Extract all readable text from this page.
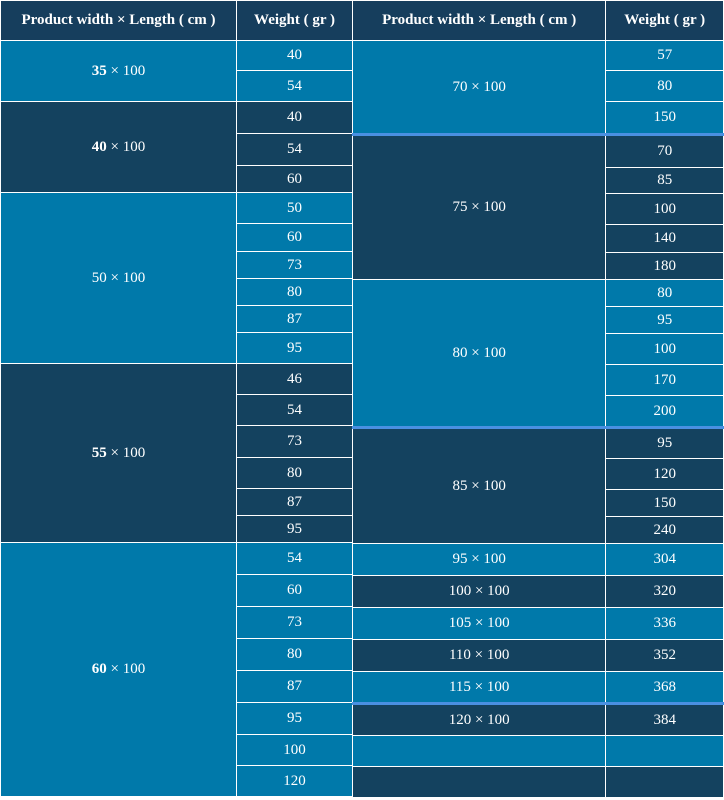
Product width × Length ( cm )	Weight ( gr )
35 × 100	40
	54
40 × 100	40
	54
	60
50 × 100	50
	60
	73
	80
	87
	95
55 × 100	46
	54
	73
	80
	87
	95
60 × 100	54
	60
	73
	80
	87
	95
	100
	120
Product width × Length ( cm )	Weight ( gr )
70 × 100	57
	80
	150
75 × 100	70
	85
	100
	140
	180
80 × 100	80
	95
	100
	170
	200
85 × 100	95
	120
	150
	240
95 × 100	304
100 × 100	320
105 × 100	336
110 × 100	352
115 × 100	368
120 × 100	384
